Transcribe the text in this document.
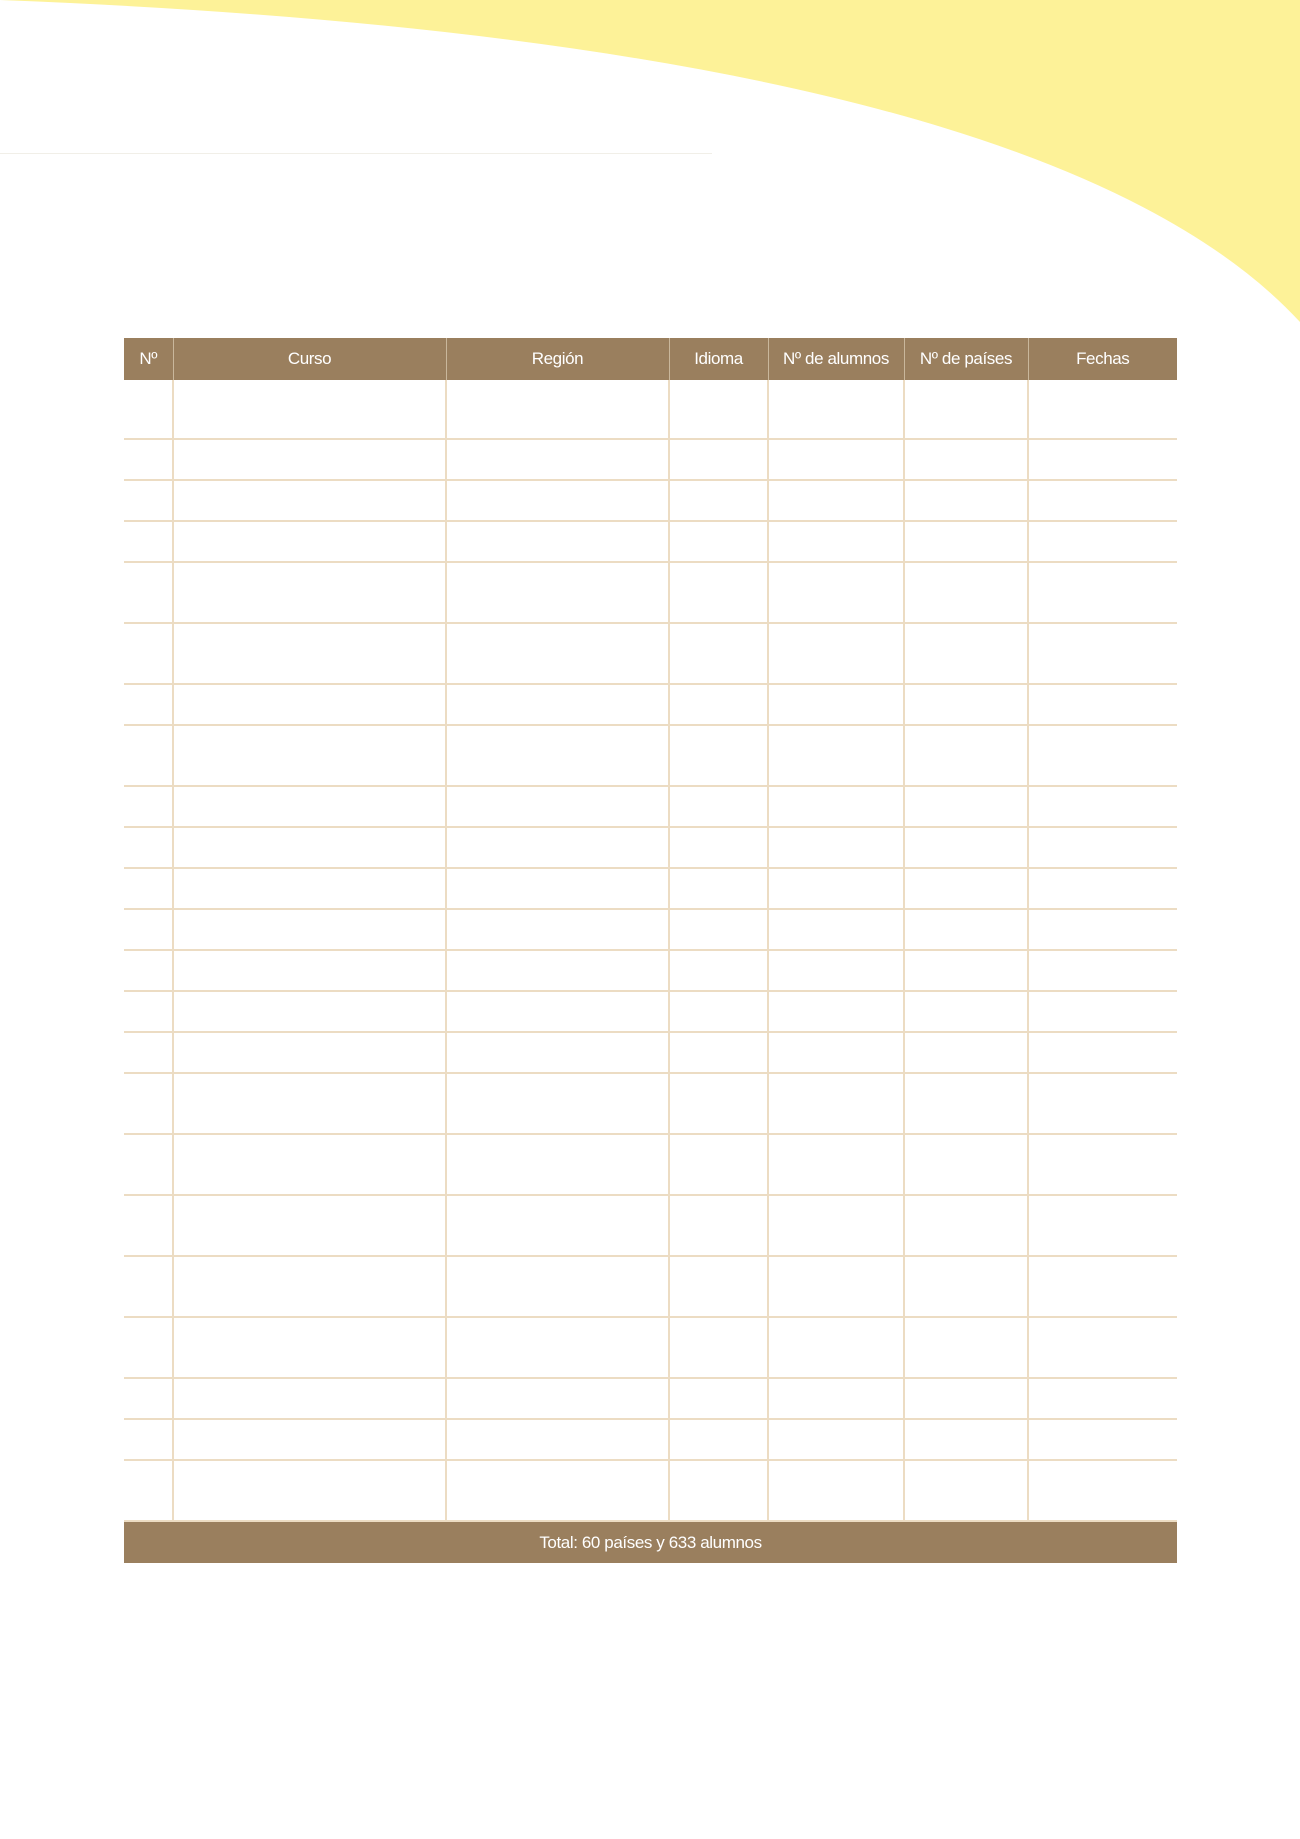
Nº	Curso	Región	Idioma	Nº de alumnos	Nº de países	Fechas

Total: 60 países y 633 alumnos						
